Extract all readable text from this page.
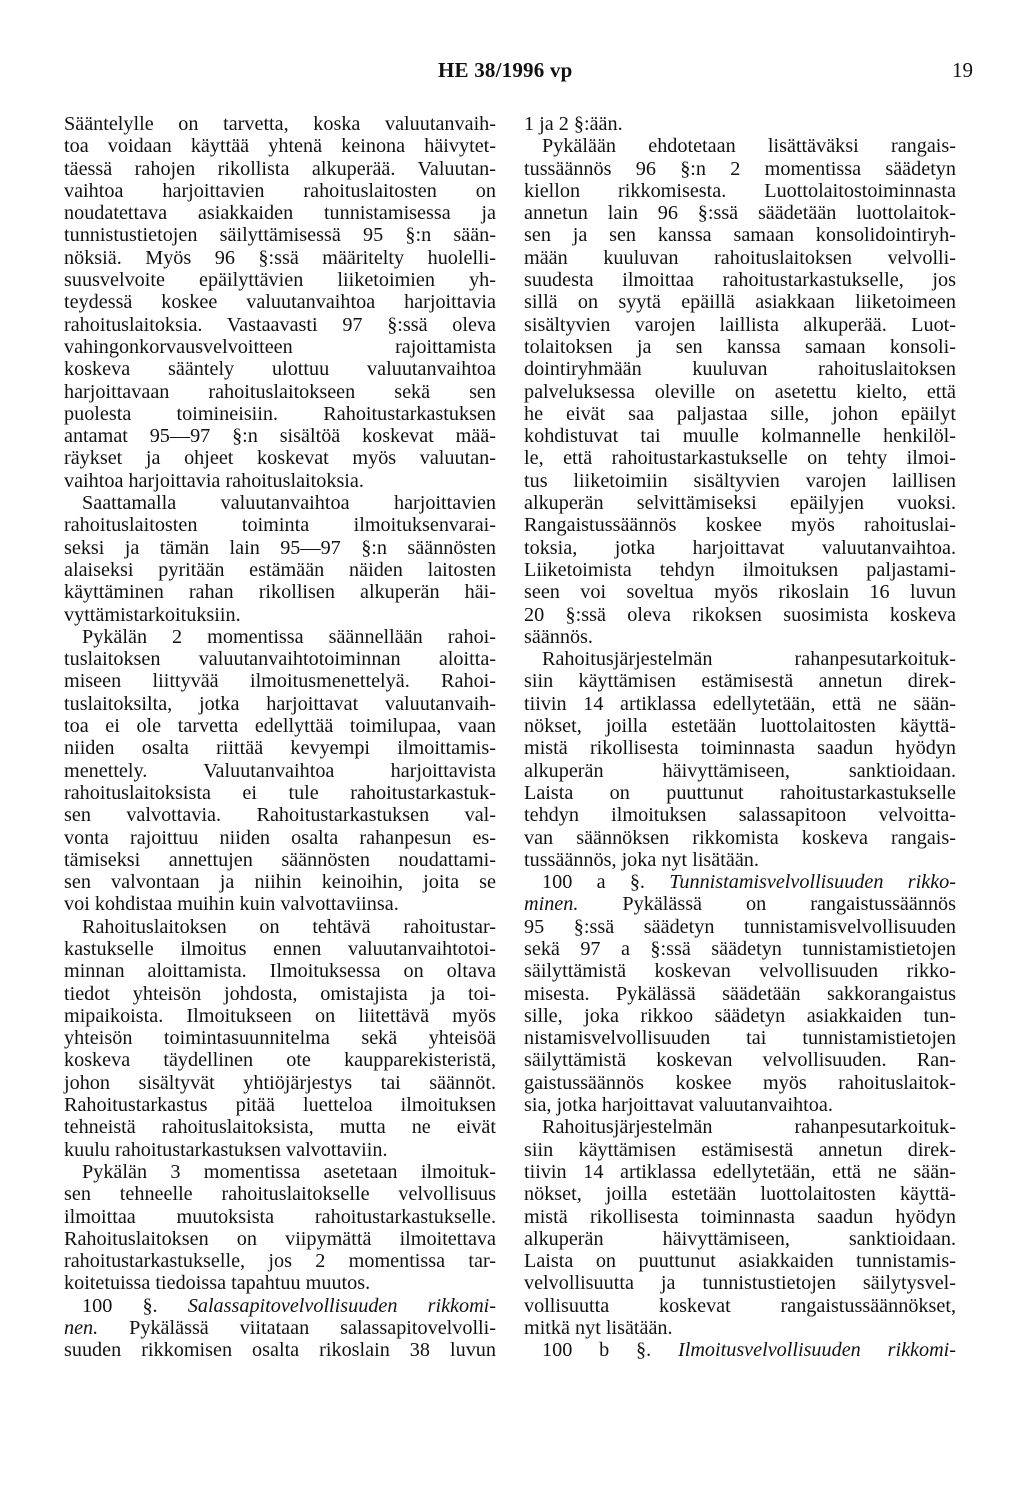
HE 38/1996 vp	19
Sääntelylle on tarvetta, koska valuutanvaih-
toa voidaan käyttää yhtenä keinona häivytet-
täessä rahojen rikollista alkuperää. Valuutan-
vaihtoa harjoittavien rahoituslaitosten on
noudatettava asiakkaiden tunnistamisessa ja
tunnistustietojen säilyttämisessä 95 §:n sään-
nöksiä. Myös 96 §:ssä määritelty huolelli-
suusvelvoite epäilyttävien liiketoimien yh-
teydessä koskee valuutanvaihtoa harjoittavia
rahoituslaitoksia. Vastaavasti 97 §:ssä oleva
vahingonkorvausvelvoitteen rajoittamista
koskeva sääntely ulottuu valuutanvaihtoa
harjoittavaan rahoituslaitokseen sekä sen
puolesta toimineisiin. Rahoitustarkastuksen
antamat 95—97 §:n sisältöä koskevat mää-
räykset ja ohjeet koskevat myös valuutan-
vaihtoa harjoittavia rahoituslaitoksia.
Saattamalla valuutanvaihtoa harjoittavien
rahoituslaitosten toiminta ilmoituksenvarai-
seksi ja tämän lain 95—97 §:n säännösten
alaiseksi pyritään estämään näiden laitosten
käyttäminen rahan rikollisen alkuperän häi-
vyttämistarkoituksiin.
Pykälän 2 momentissa säännellään rahoi-
tuslaitoksen valuutanvaihtotoiminnan aloitta-
miseen liittyvää ilmoitusmenettelyä. Rahoi-
tuslaitoksilta, jotka harjoittavat valuutanvaih-
toa ei ole tarvetta edellyttää toimilupaa, vaan
niiden osalta riittää kevyempi ilmoittamis-
menettely. Valuutanvaihtoa harjoittavista
rahoituslaitoksista ei tule rahoitustarkastuk-
sen valvottavia. Rahoitustarkastuksen val-
vonta rajoittuu niiden osalta rahanpesun es-
tämiseksi annettujen säännösten noudattami-
sen valvontaan ja niihin keinoihin, joita se
voi kohdistaa muihin kuin valvottaviinsa.
Rahoituslaitoksen on tehtävä rahoitustar-
kastukselle ilmoitus ennen valuutanvaihtotoi-
minnan aloittamista. Ilmoituksessa on oltava
tiedot yhteisön johdosta, omistajista ja toi-
mipaikoista. Ilmoitukseen on liitettävä myös
yhteisön toimintasuunnitelma sekä yhteisöä
koskeva täydellinen ote kaupparekisteristä,
johon sisältyvät yhtiöjärjestys tai säännöt.
Rahoitustarkastus pitää luetteloa ilmoituksen
tehneistä rahoituslaitoksista, mutta ne eivät
kuulu rahoitustarkastuksen valvottaviin.
Pykälän 3 momentissa asetetaan ilmoituk-
sen tehneelle rahoituslaitokselle velvollisuus
ilmoittaa muutoksista rahoitustarkastukselle.
Rahoituslaitoksen on viipymättä ilmoitettava
rahoitustarkastukselle, jos 2 momentissa tar-
koitetuissa tiedoissa tapahtuu muutos.
100 §. Salassapitovelvollisuuden rikkomi-
nen. Pykälässä viitataan salassapitovelvolli-
suuden rikkomisen osalta rikoslain 38 luvun
1 ja 2 §:ään.
Pykälään ehdotetaan lisättäväksi rangais-
tussäännös 96 §:n 2 momentissa säädetyn
kiellon rikkomisesta. Luottolaitostoiminnasta
annetun lain 96 §:ssä säädetään luottolaitok-
sen ja sen kanssa samaan konsolidointiryh-
mään kuuluvan rahoituslaitoksen velvolli-
suudesta ilmoittaa rahoitustarkastukselle, jos
sillä on syytä epäillä asiakkaan liiketoimeen
sisältyvien varojen laillista alkuperää. Luot-
tolaitoksen ja sen kanssa samaan konsoli-
dointiryhmään kuuluvan rahoituslaitoksen
palveluksessa oleville on asetettu kielto, että
he eivät saa paljastaa sille, johon epäilyt
kohdistuvat tai muulle kolmannelle henkilöl-
le, että rahoitustarkastukselle on tehty ilmoi-
tus liiketoimiin sisältyvien varojen laillisen
alkuperän selvittämiseksi epäilyjen vuoksi.
Rangaistussäännös koskee myös rahoituslai-
toksia, jotka harjoittavat valuutanvaihtoa.
Liiketoimista tehdyn ilmoituksen paljastami-
seen voi soveltua myös rikoslain 16 luvun
20 §:ssä oleva rikoksen suosimista koskeva
säännös.
Rahoitusjärjestelmän rahanpesutarkoituk-
siin käyttämisen estämisestä annetun direk-
tiivin 14 artiklassa edellytetään, että ne sään-
nökset, joilla estetään luottolaitosten käyttä-
mistä rikollisesta toiminnasta saadun hyödyn
alkuperän häivyttämiseen, sanktioidaan.
Laista on puuttunut rahoitustarkastukselle
tehdyn ilmoituksen salassapitoon velvoitta-
van säännöksen rikkomista koskeva rangais-
tussäännös, joka nyt lisätään.
100 a §. Tunnistamisvelvollisuuden rikko-
minen. Pykälässä on rangaistussäännös
95 §:ssä säädetyn tunnistamisvelvollisuuden
sekä 97 a §:ssä säädetyn tunnistamistietojen
säilyttämistä koskevan velvollisuuden rikko-
misesta. Pykälässä säädetään sakkorangaistus
sille, joka rikkoo säädetyn asiakkaiden tun-
nistamisvelvollisuuden tai tunnistamistietojen
säilyttämistä koskevan velvollisuuden. Ran-
gaistussäännös koskee myös rahoituslaitok-
sia, jotka harjoittavat valuutanvaihtoa.
Rahoitusjärjestelmän rahanpesutarkoituk-
siin käyttämisen estämisestä annetun direk-
tiivin 14 artiklassa edellytetään, että ne sään-
nökset, joilla estetään luottolaitosten käyttä-
mistä rikollisesta toiminnasta saadun hyödyn
alkuperän häivyttämiseen, sanktioidaan.
Laista on puuttunut asiakkaiden tunnistamis-
velvollisuutta ja tunnistustietojen säilytysvel-
vollisuutta koskevat rangaistussäännökset,
mitkä nyt lisätään.
100 b §. Ilmoitusvelvollisuuden rikkomi-
